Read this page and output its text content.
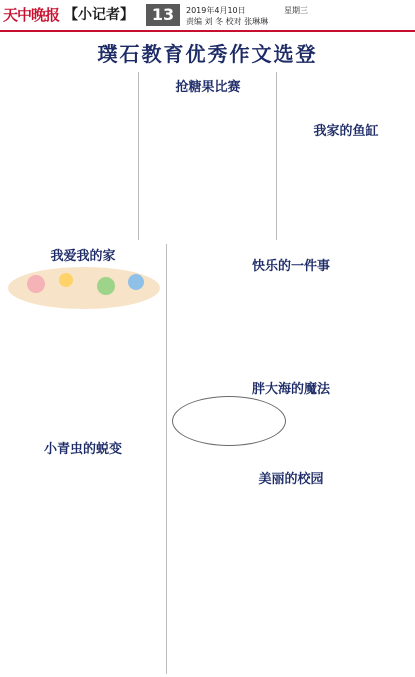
天中晚报 【小记者】	13	2019年4月10日	星期三
责编 刘 冬 校对 张琳琳
璞石教育优秀作文选登
抢糖果比赛
我家的鱼缸
我爱我的家
快乐的一件事
胖大海的魔法
小青虫的蜕变
美丽的校园
